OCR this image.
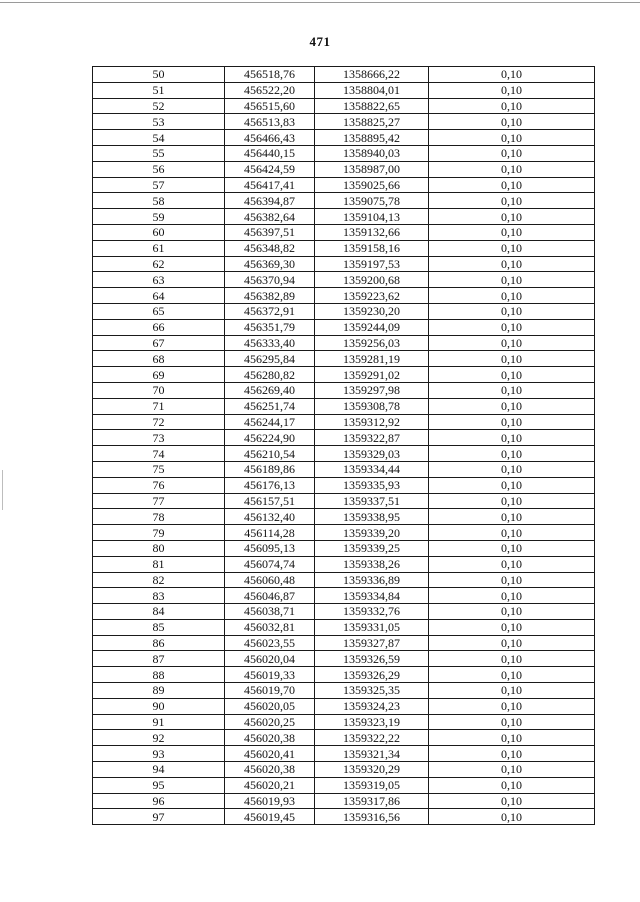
471
50	456518,76	1358666,22	0,10
51	456522,20	1358804,01	0,10
52	456515,60	1358822,65	0,10
53	456513,83	1358825,27	0,10
54	456466,43	1358895,42	0,10
55	456440,15	1358940,03	0,10
56	456424,59	1358987,00	0,10
57	456417,41	1359025,66	0,10
58	456394,87	1359075,78	0,10
59	456382,64	1359104,13	0,10
60	456397,51	1359132,66	0,10
61	456348,82	1359158,16	0,10
62	456369,30	1359197,53	0,10
63	456370,94	1359200,68	0,10
64	456382,89	1359223,62	0,10
65	456372,91	1359230,20	0,10
66	456351,79	1359244,09	0,10
67	456333,40	1359256,03	0,10
68	456295,84	1359281,19	0,10
69	456280,82	1359291,02	0,10
70	456269,40	1359297,98	0,10
71	456251,74	1359308,78	0,10
72	456244,17	1359312,92	0,10
73	456224,90	1359322,87	0,10
74	456210,54	1359329,03	0,10
75	456189,86	1359334,44	0,10
76	456176,13	1359335,93	0,10
77	456157,51	1359337,51	0,10
78	456132,40	1359338,95	0,10
79	456114,28	1359339,20	0,10
80	456095,13	1359339,25	0,10
81	456074,74	1359338,26	0,10
82	456060,48	1359336,89	0,10
83	456046,87	1359334,84	0,10
84	456038,71	1359332,76	0,10
85	456032,81	1359331,05	0,10
86	456023,55	1359327,87	0,10
87	456020,04	1359326,59	0,10
88	456019,33	1359326,29	0,10
89	456019,70	1359325,35	0,10
90	456020,05	1359324,23	0,10
91	456020,25	1359323,19	0,10
92	456020,38	1359322,22	0,10
93	456020,41	1359321,34	0,10
94	456020,38	1359320,29	0,10
95	456020,21	1359319,05	0,10
96	456019,93	1359317,86	0,10
97	456019,45	1359316,56	0,10
